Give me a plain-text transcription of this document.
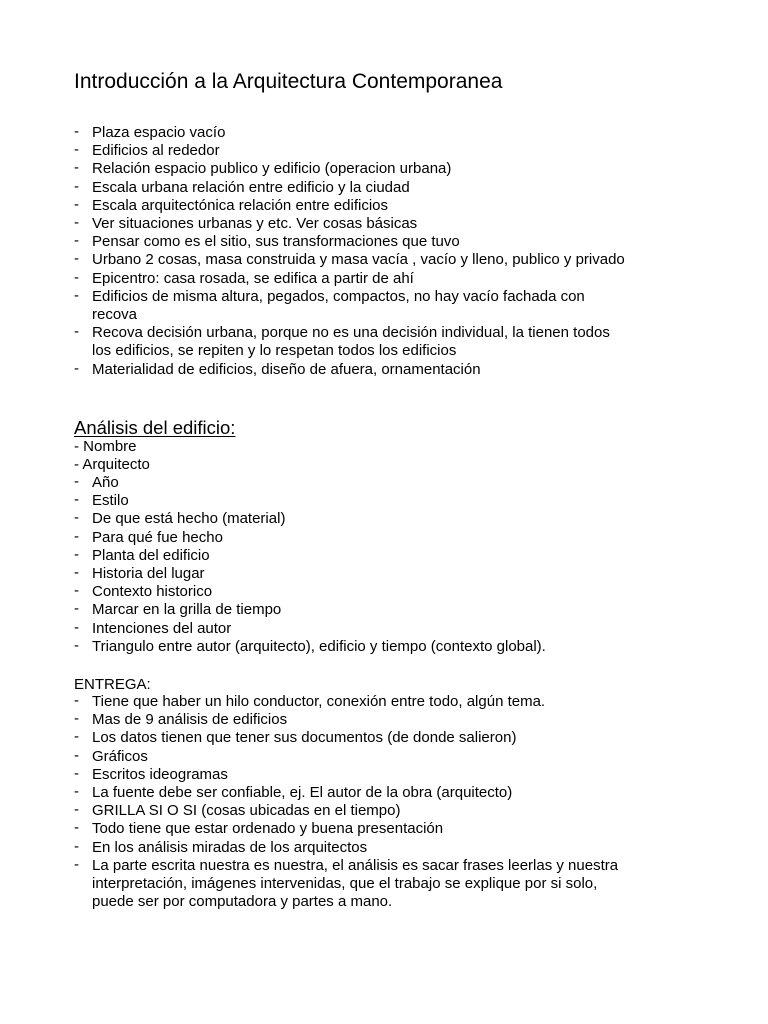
Introducción a la Arquitectura Contemporanea
- Plaza espacio vacío
- Edificios al rededor
- Relación espacio publico y edificio (operacion urbana)
- Escala urbana relación entre edificio y la ciudad
- Escala arquitectónica relación entre edificios
- Ver situaciones urbanas y etc. Ver cosas básicas
- Pensar como es el sitio, sus transformaciones que tuvo
- Urbano 2 cosas, masa construida y masa vacía , vacío y lleno, publico y privado
- Epicentro: casa rosada, se edifica a partir de ahí
- Edificios de misma altura, pegados, compactos, no hay vacío fachada con
recova
- Recova decisión urbana, porque no es una decisión individual, la tienen todos
los edificios, se repiten y lo respetan todos los edificios
- Materialidad de edificios, diseño de afuera, ornamentación
Análisis del edificio:

- Nombre

- Arquitecto

- Año
- Estilo
- De que está hecho (material)
- Para qué fue hecho
- Planta del edificio
- Historia del lugar
- Contexto historico
- Marcar en la grilla de tiempo
- Intenciones del autor
- Triangulo entre autor (arquitecto), edificio y tiempo (contexto global).

ENTREGA:

- Tiene que haber un hilo conductor, conexión entre todo, algún tema.
- Mas de 9 análisis de edificios
- Los datos tienen que tener sus documentos (de donde salieron)
- Gráficos
- Escritos ideogramas
- La fuente debe ser confiable, ej. El autor de la obra (arquitecto)
- GRILLA SI O SI (cosas ubicadas en el tiempo)
- Todo tiene que estar ordenado y buena presentación
- En los análisis miradas de los arquitectos
- La parte escrita nuestra es nuestra, el análisis es sacar frases leerlas y nuestra
interpretación, imágenes intervenidas, que el trabajo se explique por si solo,
puede ser por computadora y partes a mano.
